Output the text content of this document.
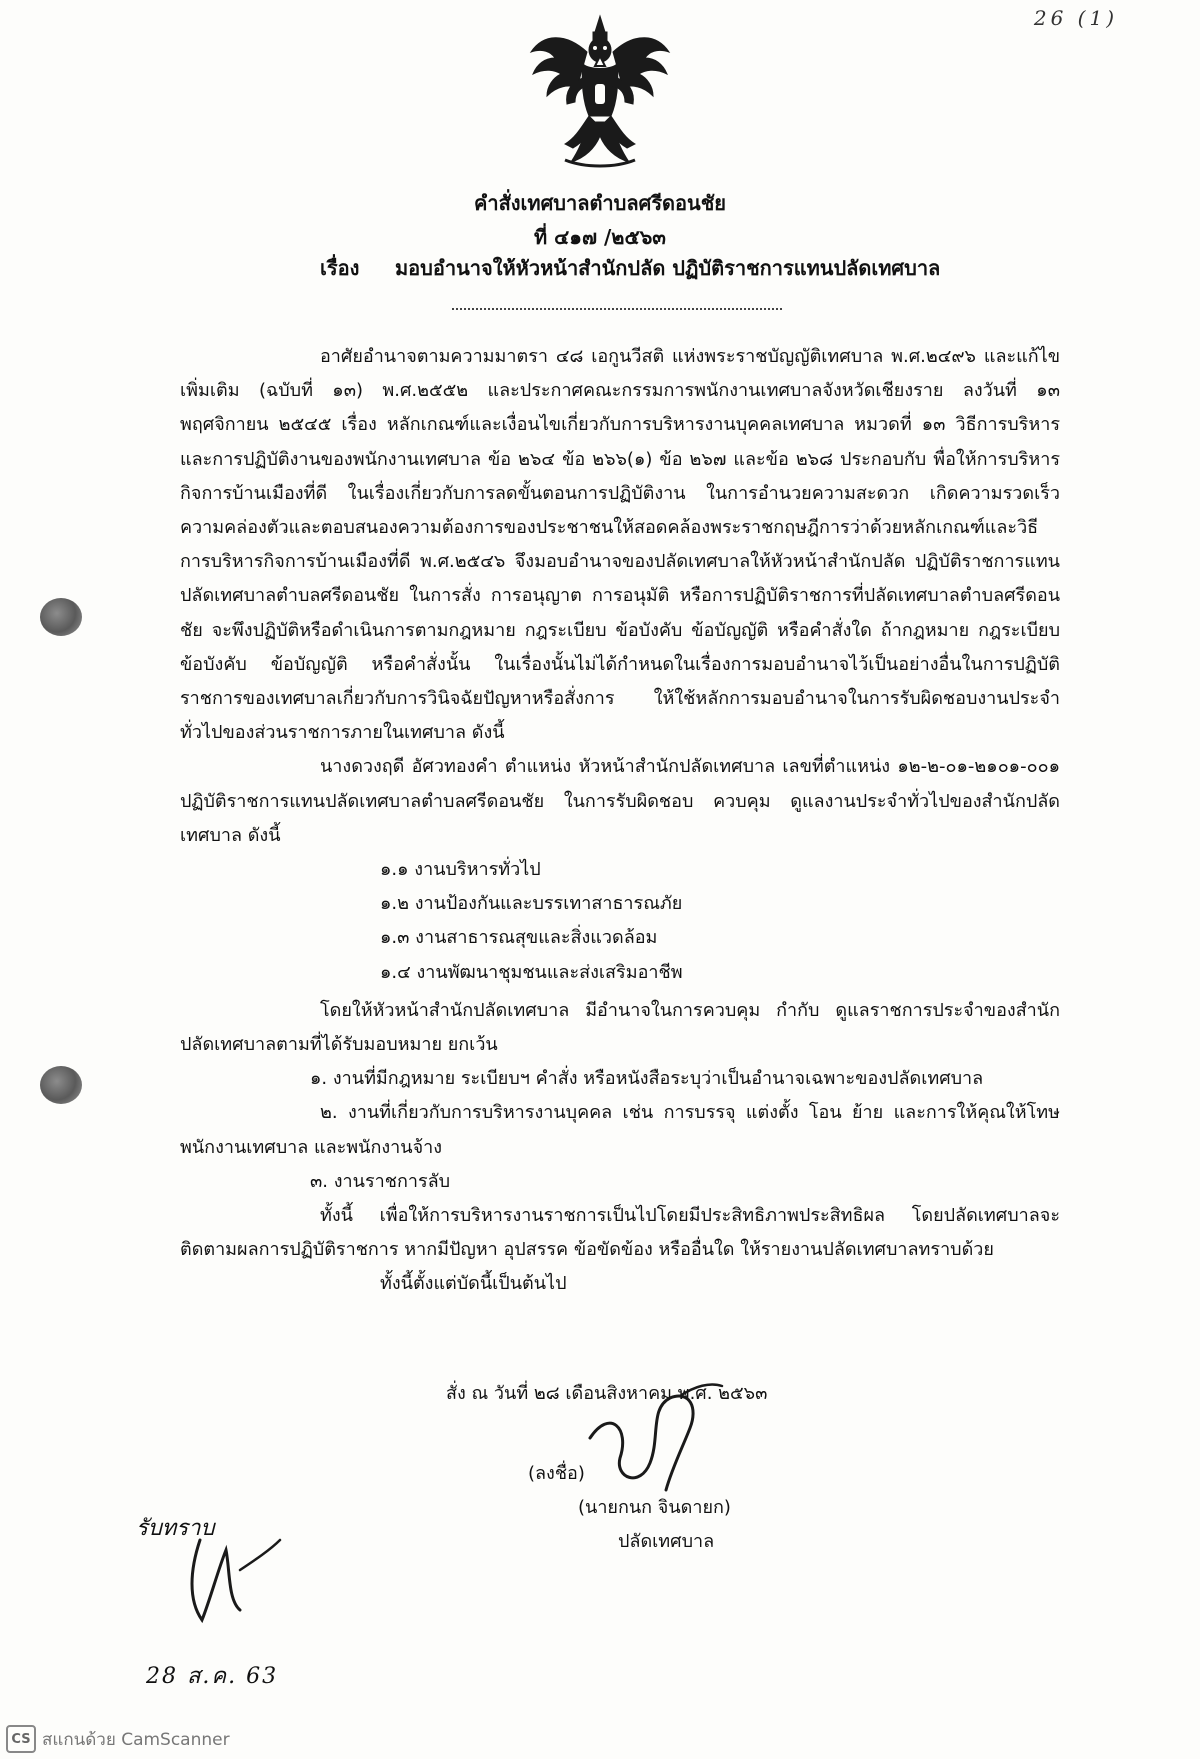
26 (1)
คำสั่งเทศบาลตำบลศรีดอนชัย
ที่ ๔๑๗ /๒๕๖๓
เรื่อง มอบอำนาจให้หัวหน้าสำนักปลัด ปฏิบัติราชการแทนปลัดเทศบาล

อาศัยอำนาจตามความมาตรา ๔๘ เอกูนวีสติ แห่งพระราชบัญญัติเทศบาล พ.ศ.๒๔๙๖ และแก้ไขเพิ่มเติม (ฉบับที่ ๑๓) พ.ศ.๒๕๕๒ และประกาศคณะกรรมการพนักงานเทศบาลจังหวัดเชียงราย ลงวันที่ ๑๓ พฤศจิกายน ๒๕๔๕ เรื่อง หลักเกณฑ์และเงื่อนไขเกี่ยวกับการบริหารงานบุคคลเทศบาล หมวดที่ ๑๓ วิธีการบริหารและการปฏิบัติงานของพนักงานเทศบาล ข้อ ๒๖๔ ข้อ ๒๖๖(๑) ข้อ ๒๖๗ และข้อ ๒๖๘ ประกอบกับ พื่อให้การบริหารกิจการบ้านเมืองที่ดี ในเรื่องเกี่ยวกับการลดขั้นตอนการปฏิบัติงาน ในการอำนวยความสะดวก เกิดความรวดเร็ว ความคล่องตัวและตอบสนองความต้องการของประชาชนให้สอดคล้องพระราชกฤษฎีการว่าด้วยหลักเกณฑ์และวิธีการบริหารกิจการบ้านเมืองที่ดี พ.ศ.๒๕๔๖ จึงมอบอำนาจของปลัดเทศบาลให้หัวหน้าสำนักปลัด ปฏิบัติราชการแทนปลัดเทศบาลตำบลศรีดอนชัย ในการสั่ง การอนุญาต การอนุมัติ หรือการปฏิบัติราชการที่ปลัดเทศบาลตำบลศรีดอนชัย จะพึงปฏิบัติหรือดำเนินการตามกฎหมาย กฎระเบียบ ข้อบังคับ ข้อบัญญัติ หรือคำสั่งใด ถ้ากฎหมาย กฎระเบียบ ข้อบังคับ ข้อบัญญัติ หรือคำสั่งนั้น ในเรื่องนั้นไม่ได้กำหนดในเรื่องการมอบอำนาจไว้เป็นอย่างอื่นในการปฏิบัติราชการของเทศบาลเกี่ยวกับการวินิจฉัยปัญหาหรือสั่งการ ให้ใช้หลักการมอบอำนาจในการรับผิดชอบงานประจำทั่วไปของส่วนราชการภายในเทศบาล ดังนี้

นางดวงฤดี อัศวทองคำ ตำแหน่ง หัวหน้าสำนักปลัดเทศบาล เลขที่ตำแหน่ง ๑๒-๒-๐๑-๒๑๐๑-๐๐๑ ปฏิบัติราชการแทนปลัดเทศบาลตำบลศรีดอนชัย ในการรับผิดชอบ ควบคุม ดูแลงานประจำทั่วไปของสำนักปลัดเทศบาล ดังนี้

๑.๑ งานบริหารทั่วไป

๑.๒ งานป้องกันและบรรเทาสาธารณภัย

๑.๓ งานสาธารณสุขและสิ่งแวดล้อม

๑.๔ งานพัฒนาชุมชนและส่งเสริมอาชีพ

โดยให้หัวหน้าสำนักปลัดเทศบาล มีอำนาจในการควบคุม กำกับ ดูแลราชการประจำของสำนักปลัดเทศบาลตามที่ได้รับมอบหมาย ยกเว้น

๑. งานที่มีกฎหมาย ระเบียบฯ คำสั่ง หรือหนังสือระบุว่าเป็นอำนาจเฉพาะของปลัดเทศบาล

๒. งานที่เกี่ยวกับการบริหารงานบุคคล เช่น การบรรจุ แต่งตั้ง โอน ย้าย และการให้คุณให้โทษพนักงานเทศบาล และพนักงานจ้าง

๓. งานราชการลับ

ทั้งนี้ เพื่อให้การบริหารงานราชการเป็นไปโดยมีประสิทธิภาพประสิทธิผล โดยปลัดเทศบาลจะติดตามผลการปฏิบัติราชการ หากมีปัญหา อุปสรรค ข้อขัดข้อง หรืออื่นใด ให้รายงานปลัดเทศบาลทราบด้วย

ทั้งนี้ตั้งแต่บัดนี้เป็นต้นไป

สั่ง ณ วันที่ ๒๘ เดือนสิงหาคม พ.ศ. ๒๕๖๓
(ลงชื่อ)
(นายกนก จินดายก)
ปลัดเทศบาล
รับทราบ
28 ส.ค. 63
CS สแกนด้วย CamScanner
